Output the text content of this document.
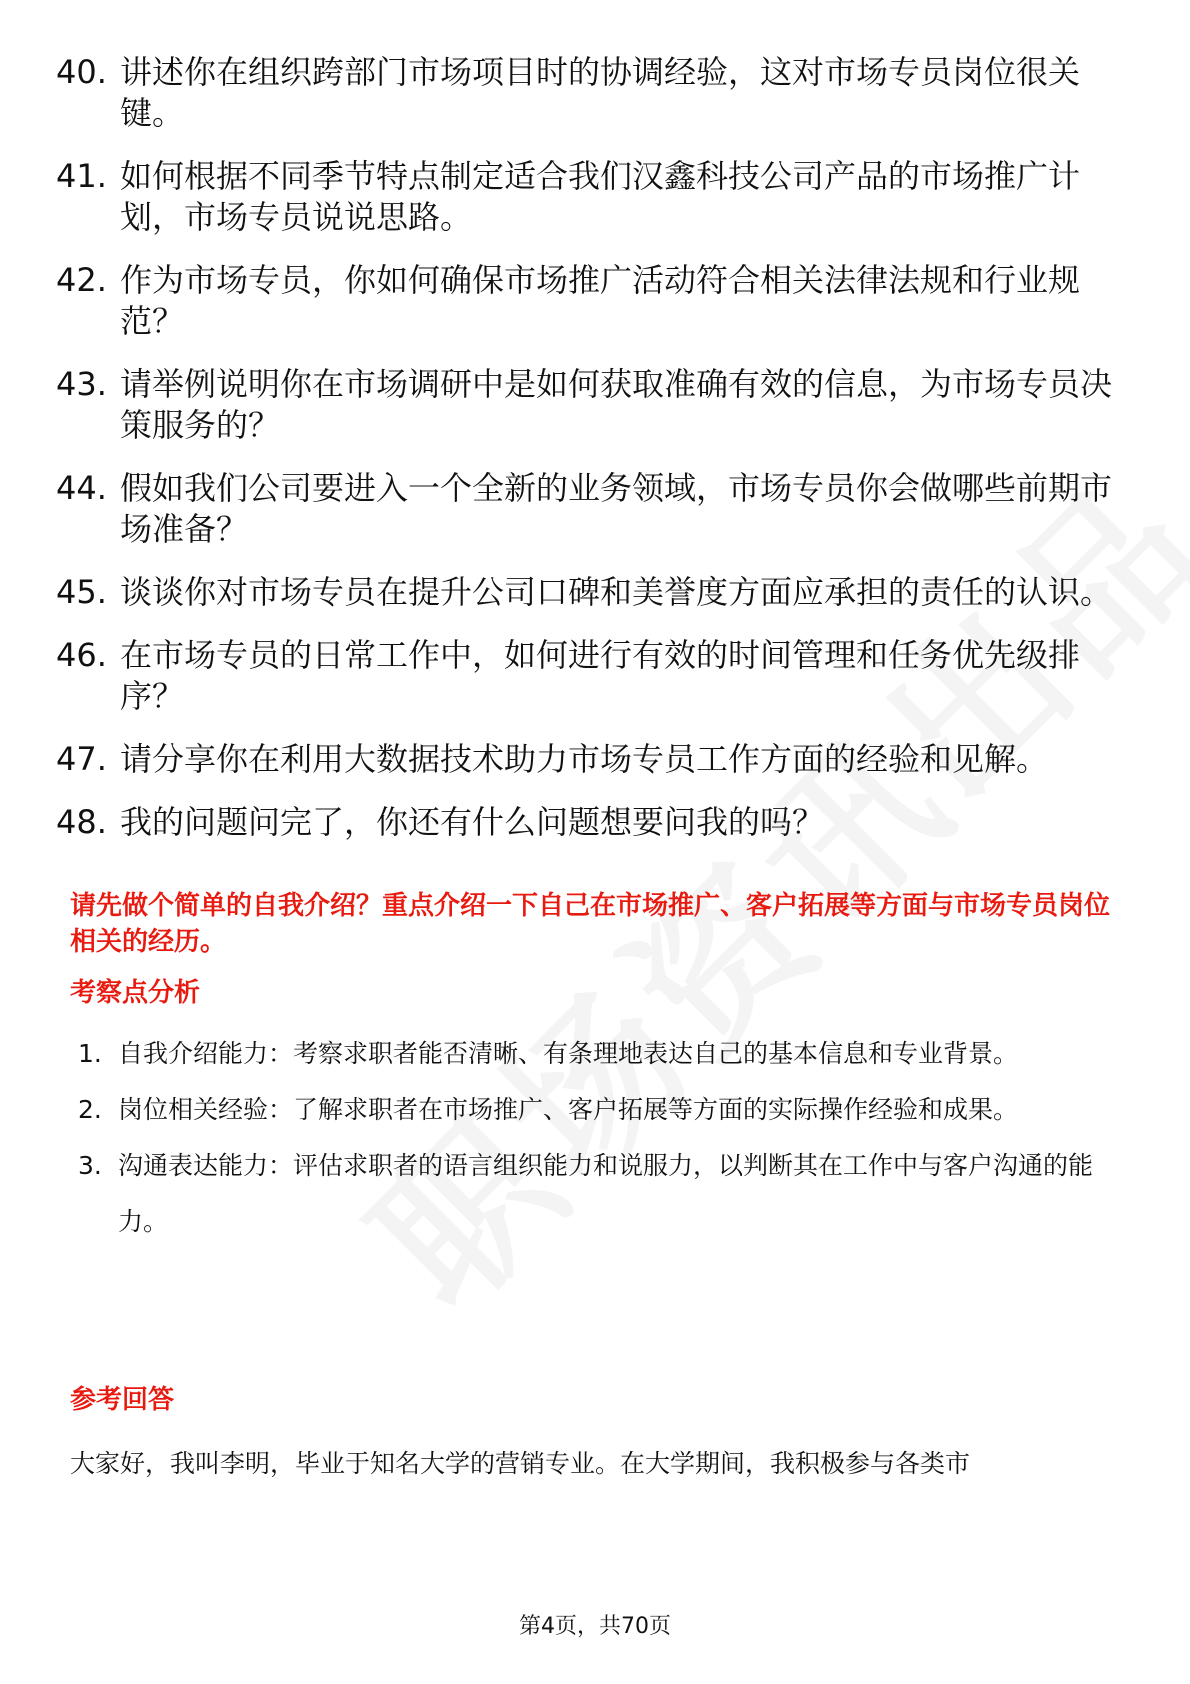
40. 讲述你在组织跨部门市场项目时的协调经验，这对市场专员岗位很关键。
41. 如何根据不同季节特点制定适合我们汉鑫科技公司产品的市场推广计划，市场专员说说思路。
42. 作为市场专员，你如何确保市场推广活动符合相关法律法规和行业规范？
43. 请举例说明你在市场调研中是如何获取准确有效的信息，为市场专员决策服务的？
44. 假如我们公司要进入一个全新的业务领域，市场专员你会做哪些前期市场准备？
45. 谈谈你对市场专员在提升公司口碑和美誉度方面应承担的责任的认识。
46. 在市场专员的日常工作中，如何进行有效的时间管理和任务优先级排序？
47. 请分享你在利用大数据技术助力市场专员工作方面的经验和见解。
48. 我的问题问完了，你还有什么问题想要问我的吗？

请先做个简单的自我介绍？重点介绍一下自己在市场推广、客户拓展等方面与市场专员岗位相关的经历。

考察点分析

1. 自我介绍能力：考察求职者能否清晰、有条理地表达自己的基本信息和专业背景。
2. 岗位相关经验：了解求职者在市场推广、客户拓展等方面的实际操作经验和成果。
3. 沟通表达能力：评估求职者的语言组织能力和说服力，以判断其在工作中与客户沟通的能力。

参考回答

大家好，我叫李明，毕业于知名大学的营销专业。在大学期间，我积极参与各类市

第4页，共70页
